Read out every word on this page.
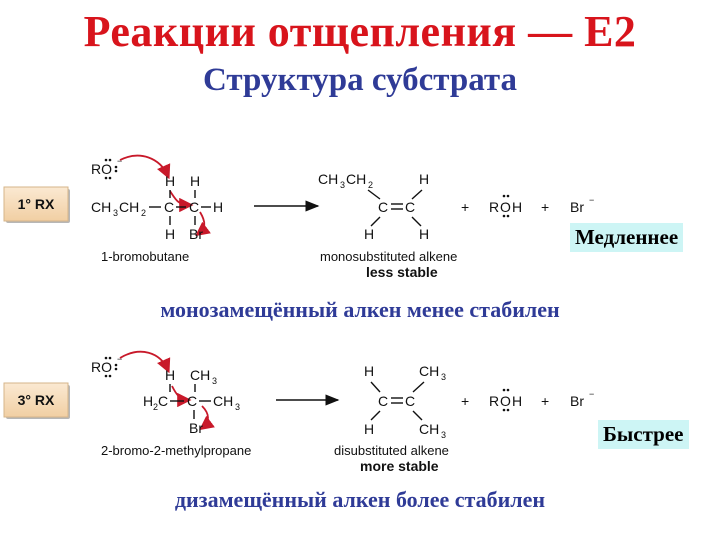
Реакции отщепления — Е2
Структура субстрата
1° RX
RO −
H H
CH 3 CH 2 C C H
H Br
1-bromobutane
CH 3 CH 2	H
C C
H	H
monosubstituted alkene
less stable
+ R O H + Br −
Медленнее
монозамещённый алкен менее стабилен
3° RX
RO −
H CH 3
H 2 C C CH 3
Br
2-bromo-2-methylpropane
H	CH 3
C C
H	CH 3
disubstituted alkene
more stable
+ R O H + Br −
Быстрее
дизамещённый алкен более стабилен
